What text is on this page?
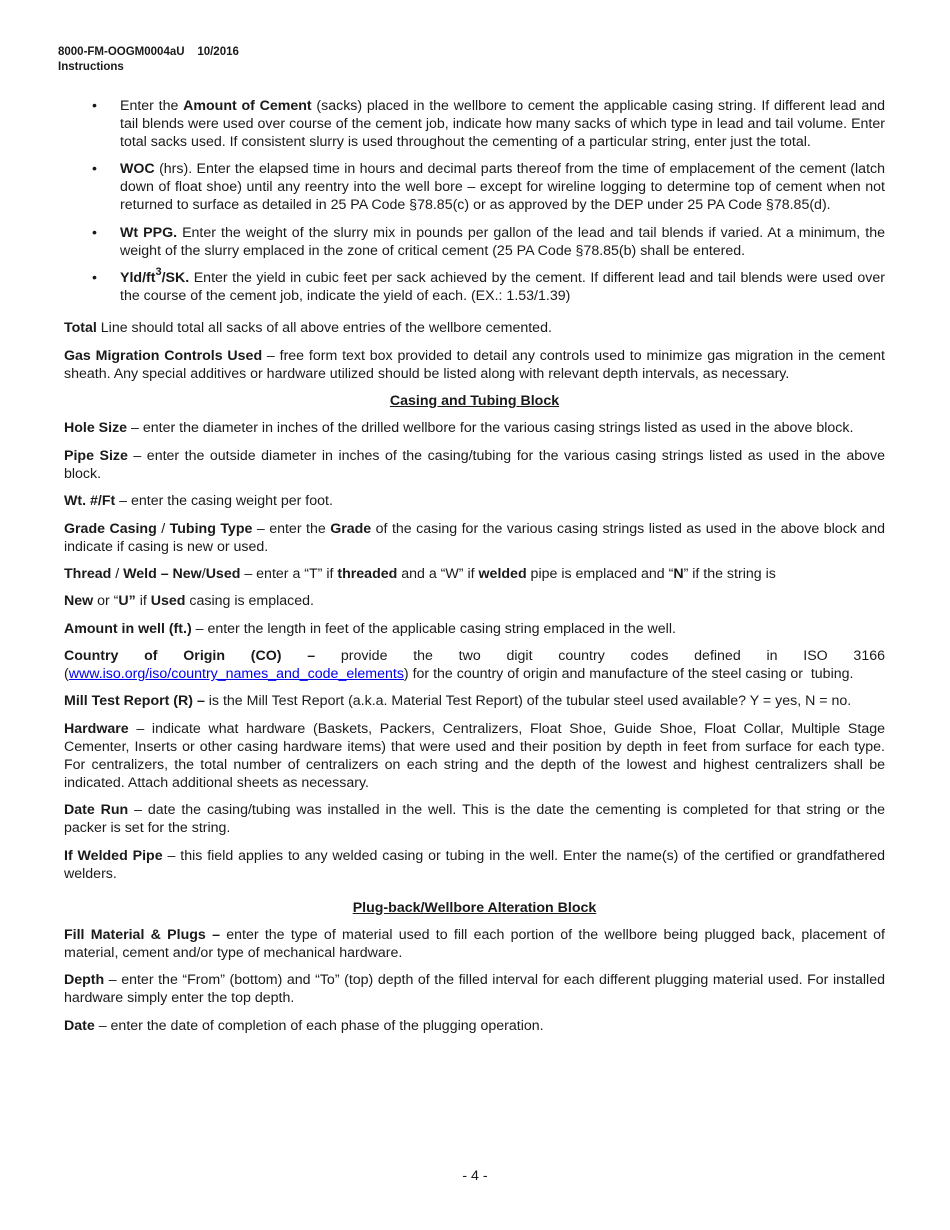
8000-FM-OOGM0004aU    10/2016
Instructions
• Enter the Amount of Cement (sacks) placed in the wellbore to cement the applicable casing string. If different lead and tail blends were used over course of the cement job, indicate how many sacks of which type in lead and tail volume. Enter total sacks used. If consistent slurry is used throughout the cementing of a particular string, enter just the total.
• WOC (hrs). Enter the elapsed time in hours and decimal parts thereof from the time of emplacement of the cement (latch down of float shoe) until any reentry into the well bore – except for wireline logging to determine top of cement when not returned to surface as detailed in 25 PA Code §78.85(c) or as approved by the DEP under 25 PA Code §78.85(d).
• Wt PPG. Enter the weight of the slurry mix in pounds per gallon of the lead and tail blends if varied. At a minimum, the weight of the slurry emplaced in the zone of critical cement (25 PA Code §78.85(b) shall be entered.
• Yld/$ft^3/SK$. Enter the yield in cubic feet per sack achieved by the cement. If different lead and tail blends were used over the course of the cement job, indicate the yield of each. (EX.: 1.53/1.39)

Total Line should total all sacks of all above entries of the wellbore cemented.

Gas Migration Controls Used – free form text box provided to detail any controls used to minimize gas migration in the cement sheath. Any special additives or hardware utilized should be listed along with relevant depth intervals, as necessary.

Casing and Tubing Block

Hole Size – enter the diameter in inches of the drilled wellbore for the various casing strings listed as used in the above block.

Pipe Size – enter the outside diameter in inches of the casing/tubing for the various casing strings listed as used in the above block.

Wt. #/Ft – enter the casing weight per foot.

Grade Casing / Tubing Type – enter the Grade of the casing for the various casing strings listed as used in the above block and indicate if casing is new or used.

Thread / Weld – New/Used – enter a “T” if threaded and a “W” if welded pipe is emplaced and “N” if the string is

New or “U” if Used casing is emplaced.

Amount in well (ft.) – enter the length in feet of the applicable casing string emplaced in the well.

Country   of   Origin   (CO)   –   provide   the   two   digit   country   codes   defined   in   ISO   3166 (www.iso.org/iso/country_names_and_code_elements) for the country of origin and manufacture of the steel casing or  tubing.

Mill Test Report (R) – is the Mill Test Report (a.k.a. Material Test Report) of the tubular steel used available? Y = yes, N = no.

Hardware – indicate what hardware (Baskets, Packers, Centralizers, Float Shoe, Guide Shoe, Float Collar, Multiple Stage Cementer, Inserts or other casing hardware items) that were used and their position by depth in feet from surface for each type. For centralizers, the total number of centralizers on each string and the depth of the lowest and highest centralizers shall be indicated. Attach additional sheets as necessary.

Date Run – date the casing/tubing was installed in the well. This is the date the cementing is completed for that string or the packer is set for the string.

If Welded Pipe – this field applies to any welded casing or tubing in the well. Enter the name(s) of the certified or grandfathered welders.

Plug-back/Wellbore Alteration Block

Fill Material & Plugs – enter the type of material used to fill each portion of the wellbore being plugged back, placement of material, cement and/or type of mechanical hardware.

Depth – enter the “From” (bottom) and “To” (top) depth of the filled interval for each different plugging material used. For installed hardware simply enter the top depth.

Date – enter the date of completion of each phase of the plugging operation.

- 4 -
